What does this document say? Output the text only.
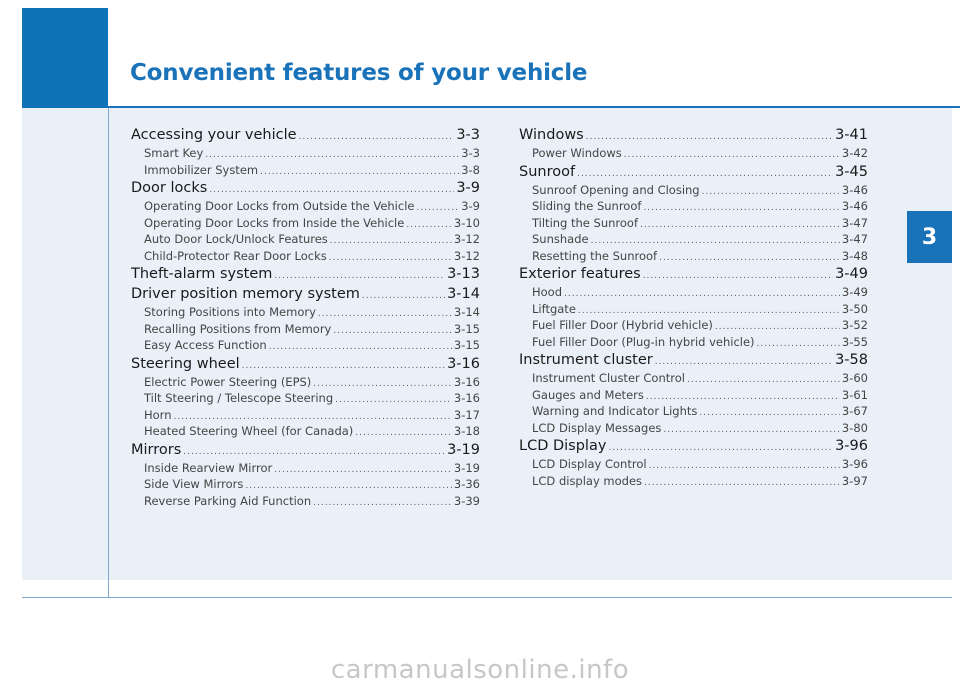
Convenient features of your vehicle
3
Accessing your vehicle .....	3-3
Smart Key .....	3-3
Immobilizer System .....	3-8
Door locks .....	3-9
Operating Door Locks from Outside the Vehicle .....	3-9
Operating Door Locks from Inside the Vehicle .....	3-10
Auto Door Lock/Unlock Features .....	3-12
Child-Protector Rear Door Locks .....	3-12
Theft-alarm system .....	3-13
Driver position memory system .....	3-14
Storing Positions into Memory .....	3-14
Recalling Positions from Memory .....	3-15
Easy Access Function .....	3-15
Steering wheel .....	3-16
Electric Power Steering (EPS) .....	3-16
Tilt Steering / Telescope Steering .....	3-16
Horn .....	3-17
Heated Steering Wheel (for Canada) .....	3-18
Mirrors .....	3-19
Inside Rearview Mirror .....	3-19
Side View Mirrors .....	3-36
Reverse Parking Aid Function .....	3-39
Windows .....	3-41
Power Windows .....	3-42
Sunroof .....	3-45
Sunroof Opening and Closing .....	3-46
Sliding the Sunroof .....	3-46
Tilting the Sunroof .....	3-47
Sunshade .....	3-47
Resetting the Sunroof .....	3-48
Exterior features .....	3-49
Hood .....	3-49
Liftgate .....	3-50
Fuel Filler Door (Hybrid vehicle) .....	3-52
Fuel Filler Door (Plug-in hybrid vehicle) .....	3-55
Instrument cluster .....	3-58
Instrument Cluster Control .....	3-60
Gauges and Meters .....	3-61
Warning and Indicator Lights .....	3-67
LCD Display Messages .....	3-80
LCD Display .....	3-96
LCD Display Control .....	3-96
LCD display modes .....	3-97
carmanualsonline.info
